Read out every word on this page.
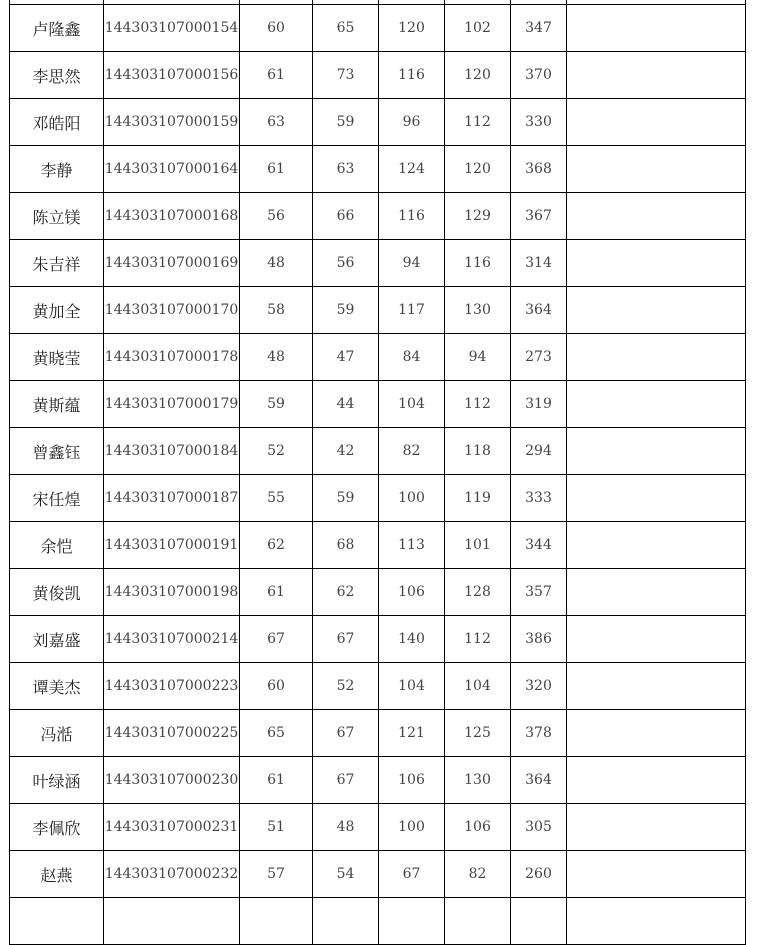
卢隆鑫	144303107000154	60	65	120	102	347	
李思然	144303107000156	61	73	116	120	370	
邓皓阳	144303107000159	63	59	96	112	330	
李静	144303107000164	61	63	124	120	368	
陈立镁	144303107000168	56	66	116	129	367	
朱吉祥	144303107000169	48	56	94	116	314	
黄加全	144303107000170	58	59	117	130	364	
黄晓莹	144303107000178	48	47	84	94	273	
黄斯蕴	144303107000179	59	44	104	112	319	
曾鑫钰	144303107000184	52	42	82	118	294	
宋任煌	144303107000187	55	59	100	119	333	
余恺	144303107000191	62	68	113	101	344	
黄俊凯	144303107000198	61	62	106	128	357	
刘嘉盛	144303107000214	67	67	140	112	386	
谭美杰	144303107000223	60	52	104	104	320	
冯湉	144303107000225	65	67	121	125	378	
叶绿涵	144303107000230	61	67	106	130	364	
李佩欣	144303107000231	51	48	100	106	305	
赵燕	144303107000232	57	54	67	82	260	
